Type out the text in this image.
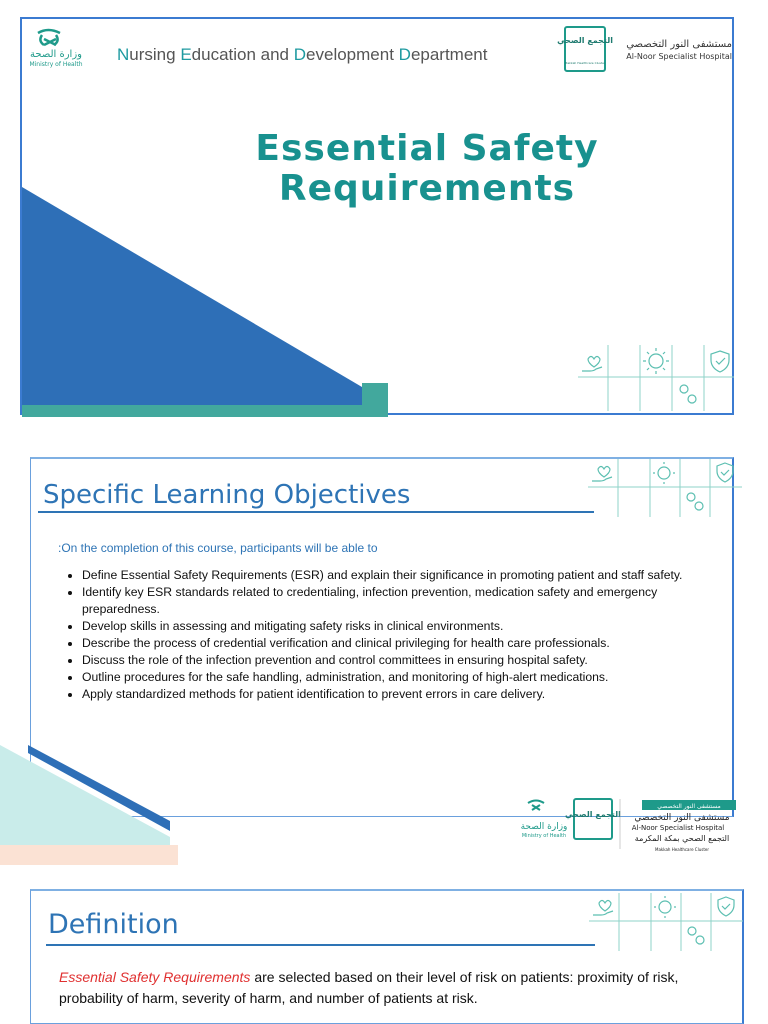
وزارة الصحة
Ministry of Health
Nursing Education and Development Department
التجمع الصحي
Makkah Healthcare Cluster
مستشفى النور التخصصي
Al-Noor Specialist Hospital
Essential Safety
Requirements
Specific Learning Objectives
:On the completion of this course, participants will be able to
• Define Essential Safety Requirements (ESR) and explain their significance in promoting patient and staff safety.
• Identify key ESR standards related to credentialing, infection prevention, medication safety and emergency preparedness.
• Develop skills in assessing and mitigating safety risks in clinical environments.
• Describe the process of credential verification and clinical privileging for health care professionals.
• Discuss the role of the infection prevention and control committees in ensuring hospital safety.
• Outline procedures for the safe handling, administration, and monitoring of high-alert medications.
• Apply standardized methods for patient identification to prevent errors in care delivery.
وزارة الصحة
Ministry of Health
التجمع الصحي
مستشفى النور التخصصي
مستشفى النور التخصصي
Al-Noor Specialist Hospital
التجمع الصحي بمكة المكرمة
Makkah Healthcare Cluster
Definition
Essential Safety Requirements are selected based on their level of risk on patients: proximity of risk, probability of harm, severity of harm, and number of patients at risk.
